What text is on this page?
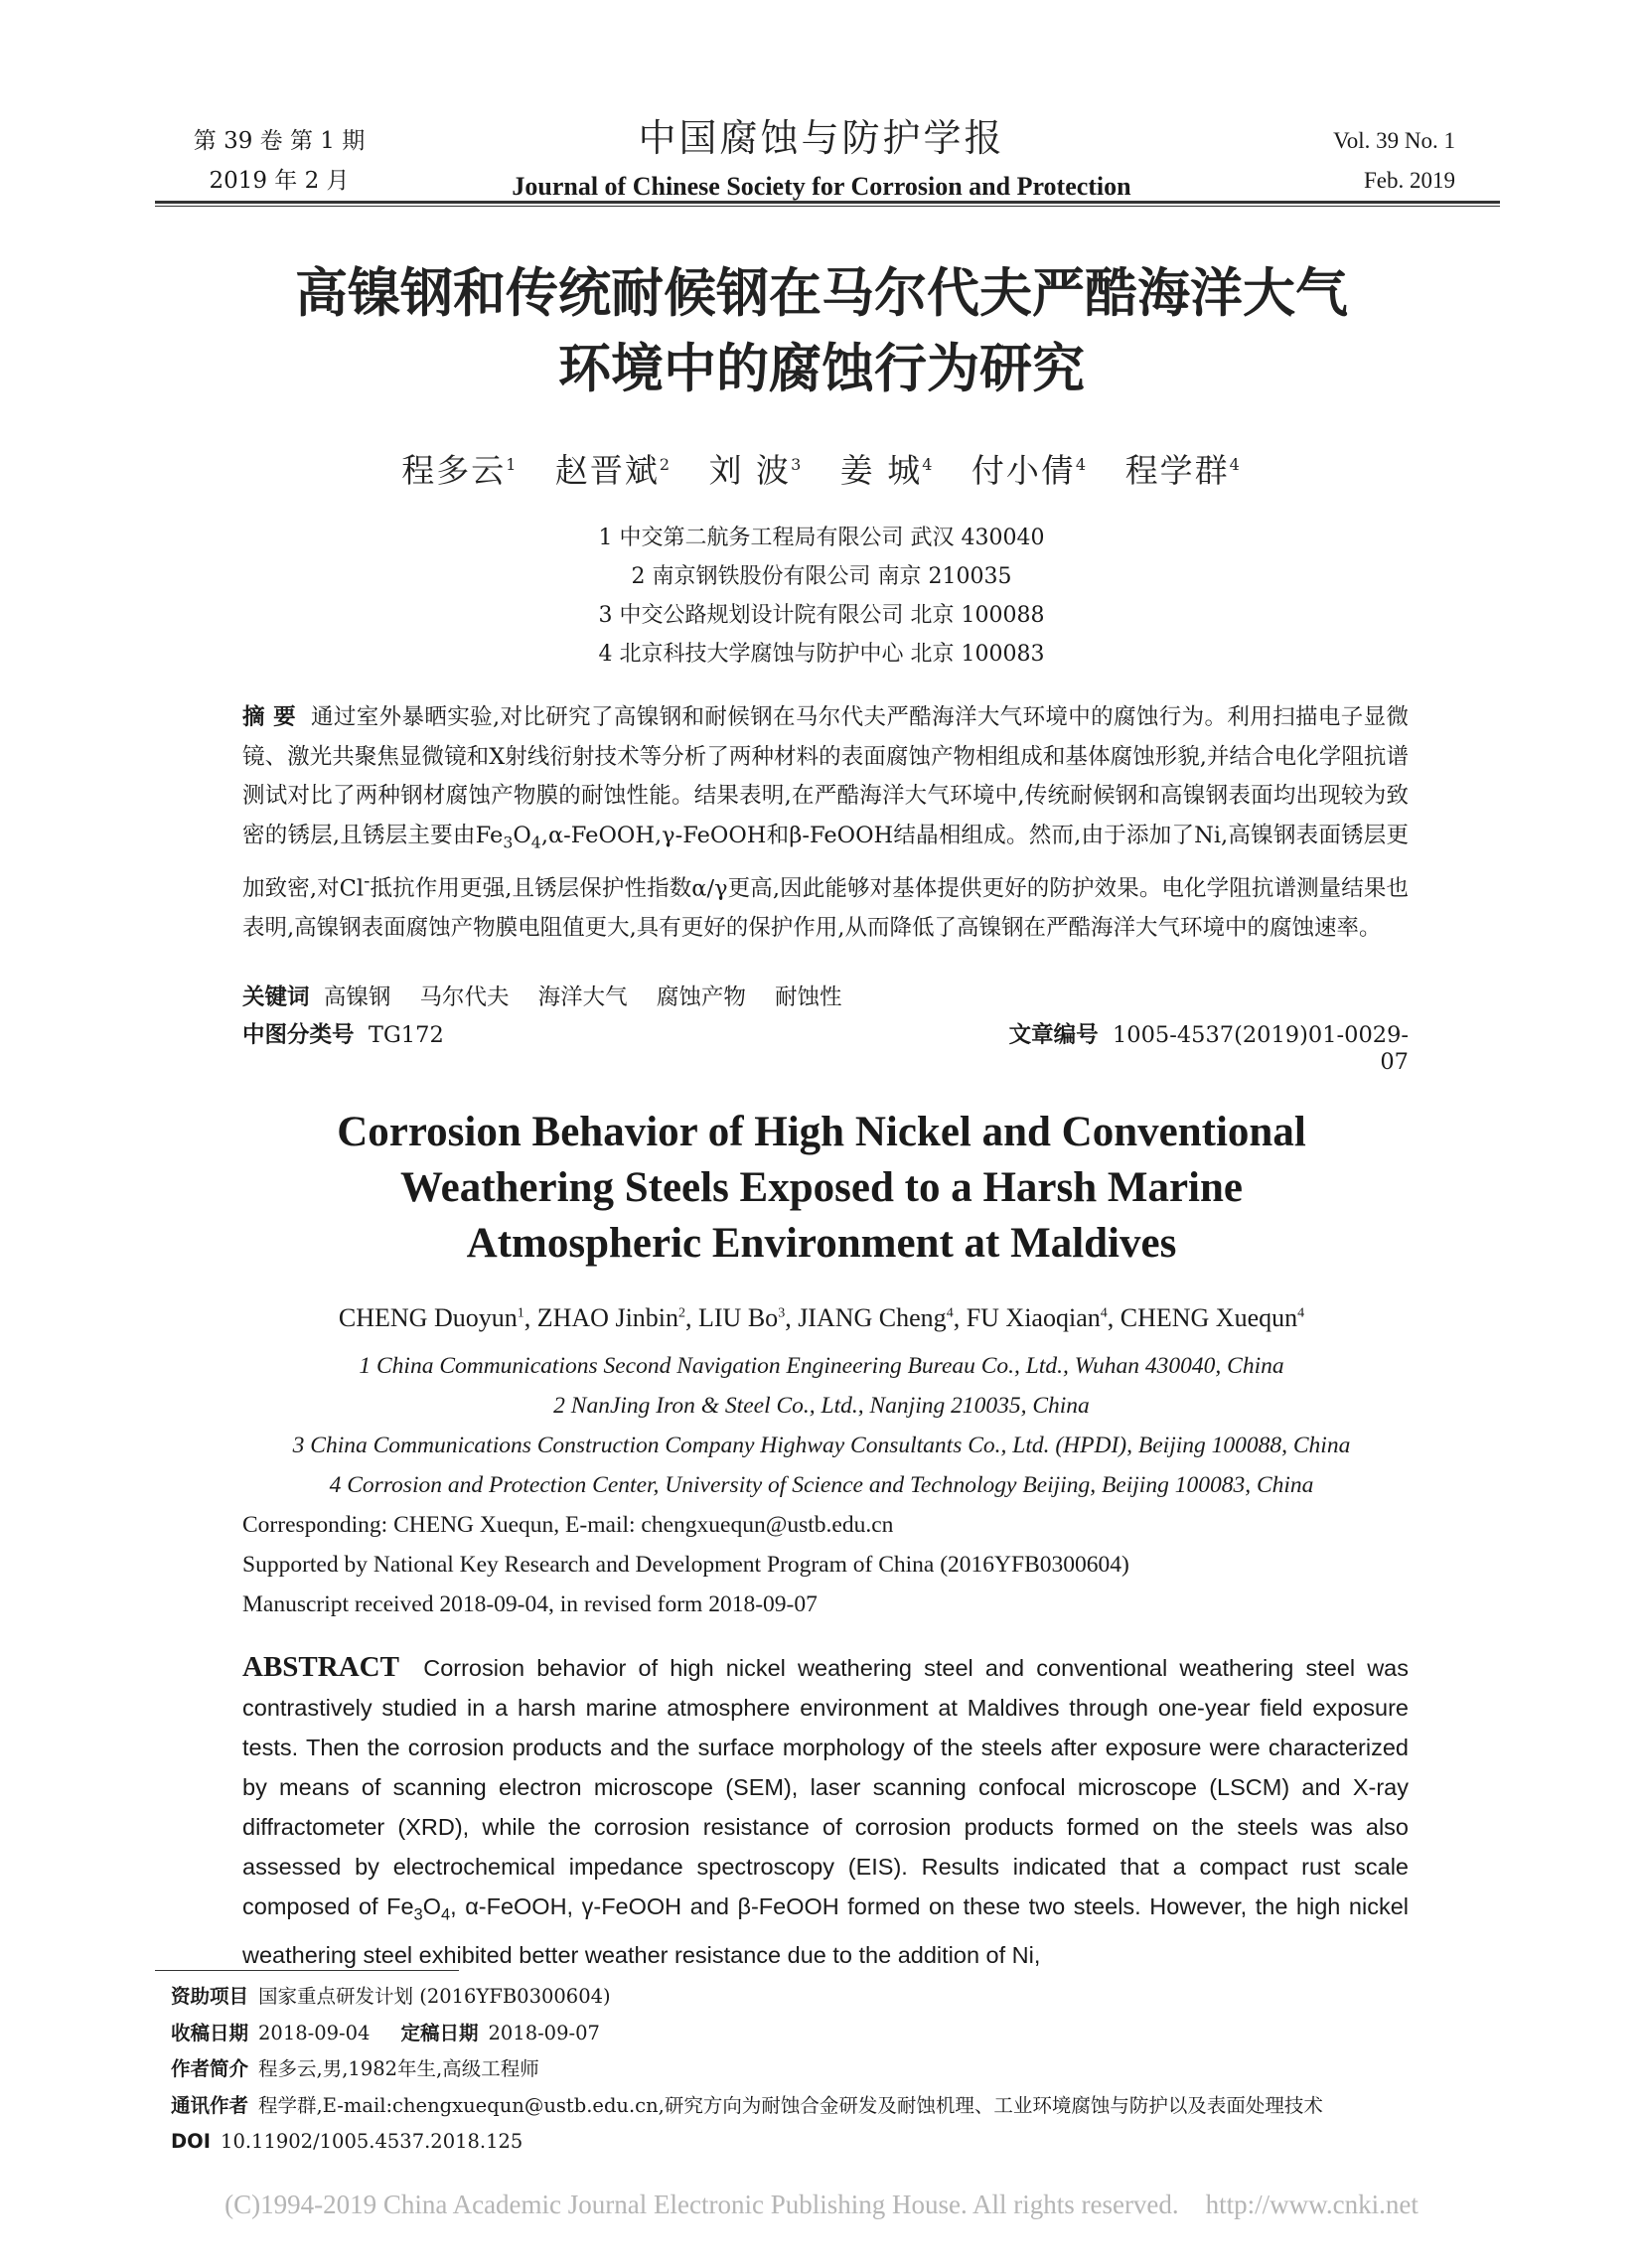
第 39 卷 第 1 期
2019 年 2 月
中国腐蚀与防护学报
Journal of Chinese Society for Corrosion and Protection
Vol. 39 No. 1
Feb. 2019
高镍钢和传统耐候钢在马尔代夫严酷海洋大气
环境中的腐蚀行为研究
程多云$^1$ 赵晋斌$^2$ 刘 波$^3$ 姜 城$^4$ 付小倩$^4$ 程学群$^4$
1 中交第二航务工程局有限公司 武汉 430040
2 南京钢铁股份有限公司 南京 210035
3 中交公路规划设计院有限公司 北京 100088
4 北京科技大学腐蚀与防护中心 北京 100083
摘 要 通过室外暴晒实验,对比研究了高镍钢和耐候钢在马尔代夫严酷海洋大气环境中的腐蚀行为。利用扫描电子显微镜、激光共聚焦显微镜和X射线衍射技术等分析了两种材料的表面腐蚀产物相组成和基体腐蚀形貌,并结合电化学阻抗谱测试对比了两种钢材腐蚀产物膜的耐蚀性能。结果表明,在严酷海洋大气环境中,传统耐候钢和高镍钢表面均出现较为致密的锈层,且锈层主要由$Fe_3O_4,\alpha-FeOOH,\gamma$-FeOOH和β-FeOOH结晶相组成。然而,由于添加了Ni,高镍钢表面锈层更加致密,对Cl-抵抗作用更强,且锈层保护性指数α/γ更高,因此能够对基体提供更好的防护效果。电化学阻抗谱测量结果也表明,高镍钢表面腐蚀产物膜电阻值更大,具有更好的保护作用,从而降低了高镍钢在严酷海洋大气环境中的腐蚀速率。
关键词 高镍钢 马尔代夫 海洋大气 腐蚀产物 耐蚀性
中图分类号 TG172	文章编号 1005-4537(2019)01-0029-07
Corrosion Behavior of High Nickel and Conventional
Weathering Steels Exposed to a Harsh Marine
Atmospheric Environment at Maldives
CHENG Duoyun$^1$, ZHAO Jinbin$^2$, LIU Bo$^3$, JIANG Cheng$^4$, FU Xiaoqian$^4$, CHENG Xuequn$^4$
1 China Communications Second Navigation Engineering Bureau Co., Ltd., Wuhan 430040, China
2 NanJing Iron & Steel Co., Ltd., Nanjing 210035, China
3 China Communications Construction Company Highway Consultants Co., Ltd. (HPDI), Beijing 100088, China
4 Corrosion and Protection Center, University of Science and Technology Beijing, Beijing 100083, China
Corresponding: CHENG Xuequn, E-mail: chengxuequn@ustb.edu.cn
Supported by National Key Research and Development Program of China (2016YFB0300604)
Manuscript received 2018-09-04, in revised form 2018-09-07
ABSTRACT Corrosion behavior of high nickel weathering steel and conventional weathering steel was contrastively studied in a harsh marine atmosphere environment at Maldives through one-year field exposure tests. Then the corrosion products and the surface morphology of the steels after exposure were characterized by means of scanning electron microscope (SEM), laser scanning confocal microscope (LSCM) and X-ray diffractometer (XRD), while the corrosion resistance of corrosion products formed on the steels was also assessed by electrochemical impedance spectroscopy (EIS). Results indicated that a compact rust scale composed of $Fe_3O_4$, α-FeOOH, γ-FeOOH and β-FeOOH formed on these two steels. However, the high nickel weathering steel exhibited better weather resistance due to the addition of Ni,
资助项目 国家重点研发计划 (2016YFB0300604)
收稿日期 2018-09-04 定稿日期 2018-09-07
作者简介 程多云,男,1982年生,高级工程师
通讯作者 程学群,E-mail:chengxuequn@ustb.edu.cn,研究方向为耐蚀合金研发及耐蚀机理、工业环境腐蚀与防护以及表面处理技术
DOI 10.11902/1005.4537.2018.125
(C)1994-2019 China Academic Journal Electronic Publishing House. All rights reserved.    http://www.cnki.net
